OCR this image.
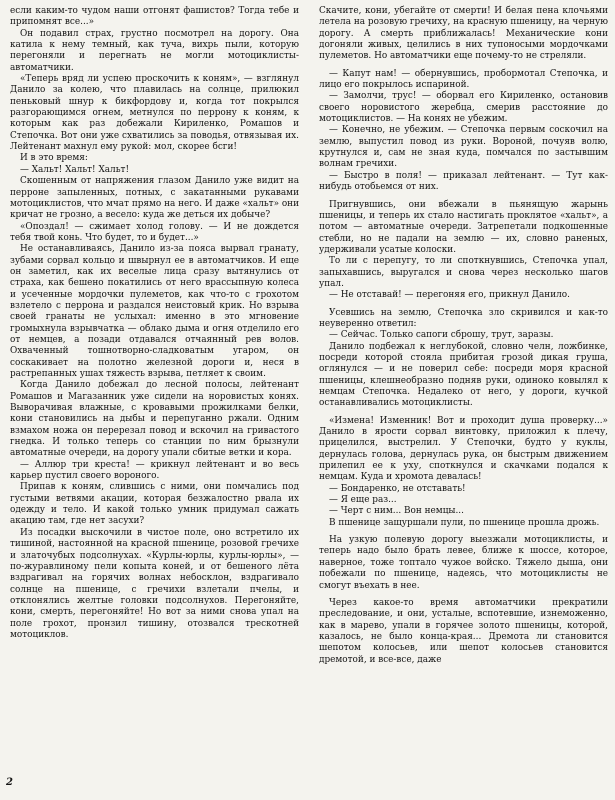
если каким-то чудом наши отгонят фашистов? Тогда тебе и припомнят все...»

Он подавил страх, грустно посмотрел на дорогу. Она катила к нему темный, как туча, вихрь пыли, которую перегоняли и перегнать не могли мотоциклисты-автоматчики.

«Теперь вряд ли успею проскочить к коням», — взглянул Данило за колею, что плавилась на солнце, прилюкил пеньковый шнур к бикфордову и, когда тот покрылся разгорающимся огнем, метнулся по перрону к коням, к которым как раз добежали Кириленко, Ромашов и Степочка. Вот они уже схватились за поводья, отвязывая их. Лейтенант махнул ему рукой: мол, скорее бсги!

И в это время:

— Хальт! Хальт! Хальт!

Скошенным от напряжения глазом Данило уже видит на перроне запыленных, потных, с закатанными рукавами мотоциклистов, что мчат прямо на него. И даже «хальт» они кричат не грозно, а весело: куда же деться их добыче?

«Опоздал! — сжимает холод голову. — И не дождется тебя твой конь. Что будет, то и будет...»

Не останавливаясь, Данило из-за пояса вырвал гранату, зубами сорвал кольцо и швырнул ее в автоматчиков. И еще он заметил, как их веселые лица сразу вытянулись от страха, как бешено покатились от него врассыпную колеса и усеченные мордочки пулеметов, как что-то с грохотом взлетело с перрона и раздался неистовый крик. Но взрыва своей гранаты не услыхал: именно в это мгновение громыхнула взрывчатка — облако дыма и огня отделило его от немцев, а позади отдавался отчаянный рев волов. Охваченный тошнотворно-сладковатым угаром, он соскакивает на полотно железной дороги и, неся в растрепанных ушах тяжесть взрыва, петляет к своим.

Когда Данило добежал до лесной полосы, лейтенант Ромашов и Магазанник уже сидели на норовистых конях. Выворачивая влажные, с кровавыми прожилками белки, кони становились на дыбы и перепуганно ржали. Одним взмахом ножа он перерезал повод и вскочил на гривастого гнедка. И только теперь со станции по ним брызнули автоматные очереди, на дорогу упали сбитые ветки и кора.

— Аллюр три креста! — крикнул лейтенант и во весь карьер пустил своего вороного.

Припав к коням, слившись с ними, они помчались под густыми ветвями акации, которая безжалостно рвала их одежду и тело. И какой только умник придумал сажать акацию там, где нет засухи?

Из посадки выскочили в чистое поле, оно встретило их тишиной, настоянной на красной пшенице, розовой гречихе и златочубых подсолнухах. «Курлы-юрлы, курлы-юрлы», — по-журавлиному пели копыта коней, и от бешеного лёта вздрагивал на горячих волнах небосклон, вздрагивало солнце на пшенице, с гречихи взлетали пчелы, и отклонялись желтые головки подсолнухов. Перегоняйте, кони, смерть, перегоняйте! Но вот за ними снова упал на поле грохот, пронзил тишину, отозвался трескотней мотоциклов.

Скачите, кони, убегайте от смерти! И белая пена клочьями летела на розовую гречиху, на красную пшеницу, на черную дорогу. А смерть приближалась! Механические кони догоняли живых, целились в них тупоносыми мордочками пулеметов. Но автоматчики еще почему-то не стреляли.

— Капут нам! — обернувшись, пробормотал Степочка, и лицо его покрылось испариной.

— Замолчи, трус! — оборвал его Кириленко, остановив своего норовистого жеребца, смерив расстояние до мотоциклистов. — На конях не убежим.

— Конечно, не убежим. — Степочка первым соскочил на землю, выпустил повод из руки. Вороной, почуяв волю, крутнулся и, сам не зная куда, помчался по застывшим волнам гречихи.

— Быстро в поля! — приказал лейтенант. — Тут как-нибудь отобьемся от них.

Пригнувшись, они вбежали в пьянящую жарынь пшеницы, и теперь их стало настигать проклятое «хальт», а потом — автоматные очереди. Затрепетали подкошенные стебли, но не падали на землю — их, словно раненых, удерживали усатые колоски.

То ли с перепугу, то ли споткнувшись, Степочка упал, запыхавшись, выругался и снова через несколько шагов упал.

— Не отставай! — перегоняя его, прикнул Данило.

Усевшись на землю, Степочка зло скривился и как-то неуверенно ответил:

— Сейчас. Только сапоги сброшу, трут, заразы.

Данило подбежал к неглубокой, словно челн, ложбинке, посреди которой стояла прибитая грозой дикая груша, оглянулся — и не поверил себе: посреди моря красной пшеницы, клешнеобразно подняв руки, одиноко ковылял к немцам Степочка. Недалеко от него, у дороги, кучкой останавливались мотоциклисты.

«Измена! Изменник! Вот и проходит душа проверку...» Данило в ярости сорвал винтовку, приложил к плечу, прицелился, выстрелил. У Степочки, будто у куклы, дернулась голова, дернулась рука, он быстрым движением прилепил ее к уху, споткнулся и скачками подался к немцам. Куда и хромота девалась!

— Бондаренко, не отставать!

— Я еще раз...

— Черт с ним... Вон немцы...

В пшенице защуршали пули, по пшенице прошла дрожь.

На узкую полевую дорогу выезжали мотоциклисты, и теперь надо было брать левее, ближе к шоссе, которое, наверное, тоже топтало чужое войско. Тяжело дыша, они побежали по пшенице, надеясь, что мотоциклисты не смогут въехать в нее.

Через какое-то время автоматчики прекратили преследование, и они, усталые, вспотевшие, изнеможенно, как в марево, упали в горячее золото пшеницы, которой, казалось, не было конца-края... Дремота ли становится шепотом колосьев, или шепот колосьев становится дремотой, и все-все, даже

2
